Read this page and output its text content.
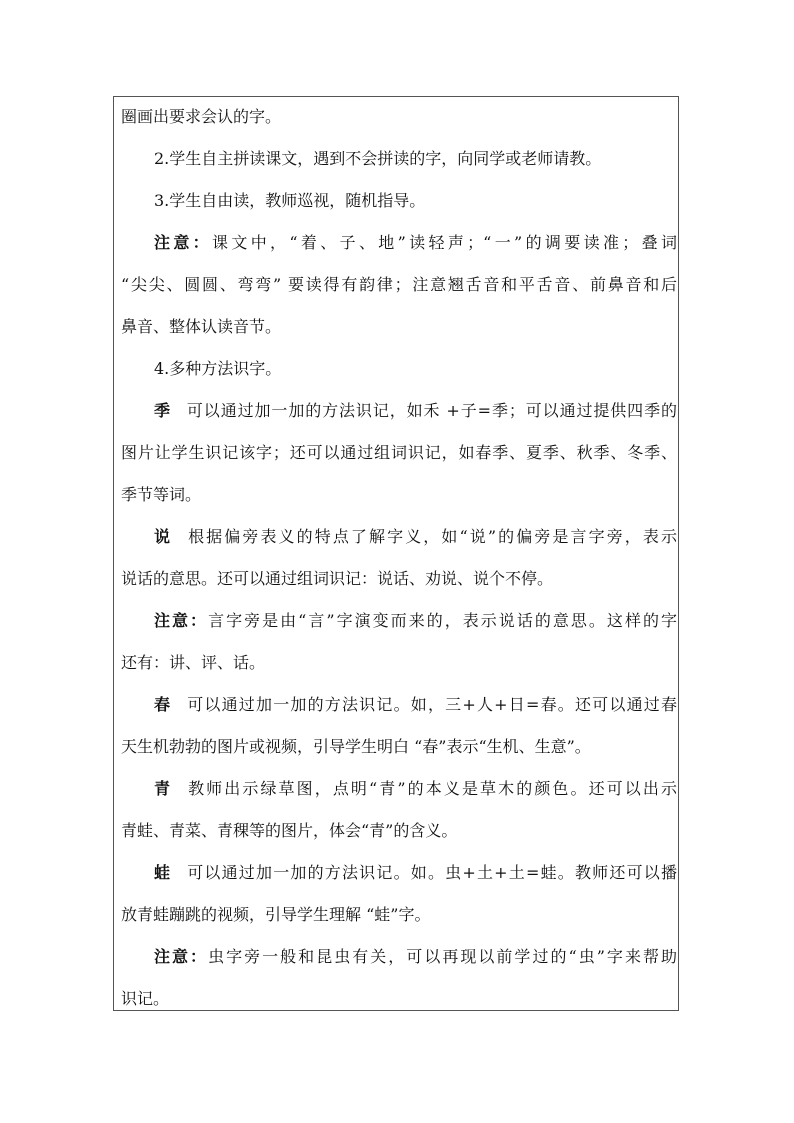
圈画出要求会认的字。
2.学生自主拼读课文，遇到不会拼读的字，向同学或老师请教。
3.学生自由读，教师巡视，随机指导。
注意：课文中，“着、子、地”读轻声；“一”的调要读准；叠词
“尖尖、圆圆、弯弯” 要读得有韵律；注意翘舌音和平舌音、前鼻音和后
鼻音、整体认读音节。
4.多种方法识字。
季 可以通过加一加的方法识记，如禾 +子=季；可以通过提供四季的
图片让学生识记该字；还可以通过组词识记，如春季、夏季、秋季、冬季、
季节等词。
说 根据偏旁表义的特点了解字义，如“说”的偏旁是言字旁，表示
说话的意思。还可以通过组词识记：说话、劝说、说个不停。
注意：言字旁是由“言”字演变而来的，表示说话的意思。这样的字
还有：讲、评、话。
春 可以通过加一加的方法识记。如，三+人+日=春。还可以通过春
天生机勃勃的图片或视频，引导学生明白 “春”表示“生机、生意”。
青 教师出示绿草图，点明“青”的本义是草木的颜色。还可以出示
青蛙、青菜、青稞等的图片，体会“青”的含义。
蛙 可以通过加一加的方法识记。如。虫+土+土=蛙。教师还可以播
放青蛙蹦跳的视频，引导学生理解 “蛙”字。
注意：虫字旁一般和昆虫有关，可以再现以前学过的“虫”字来帮助
识记。
